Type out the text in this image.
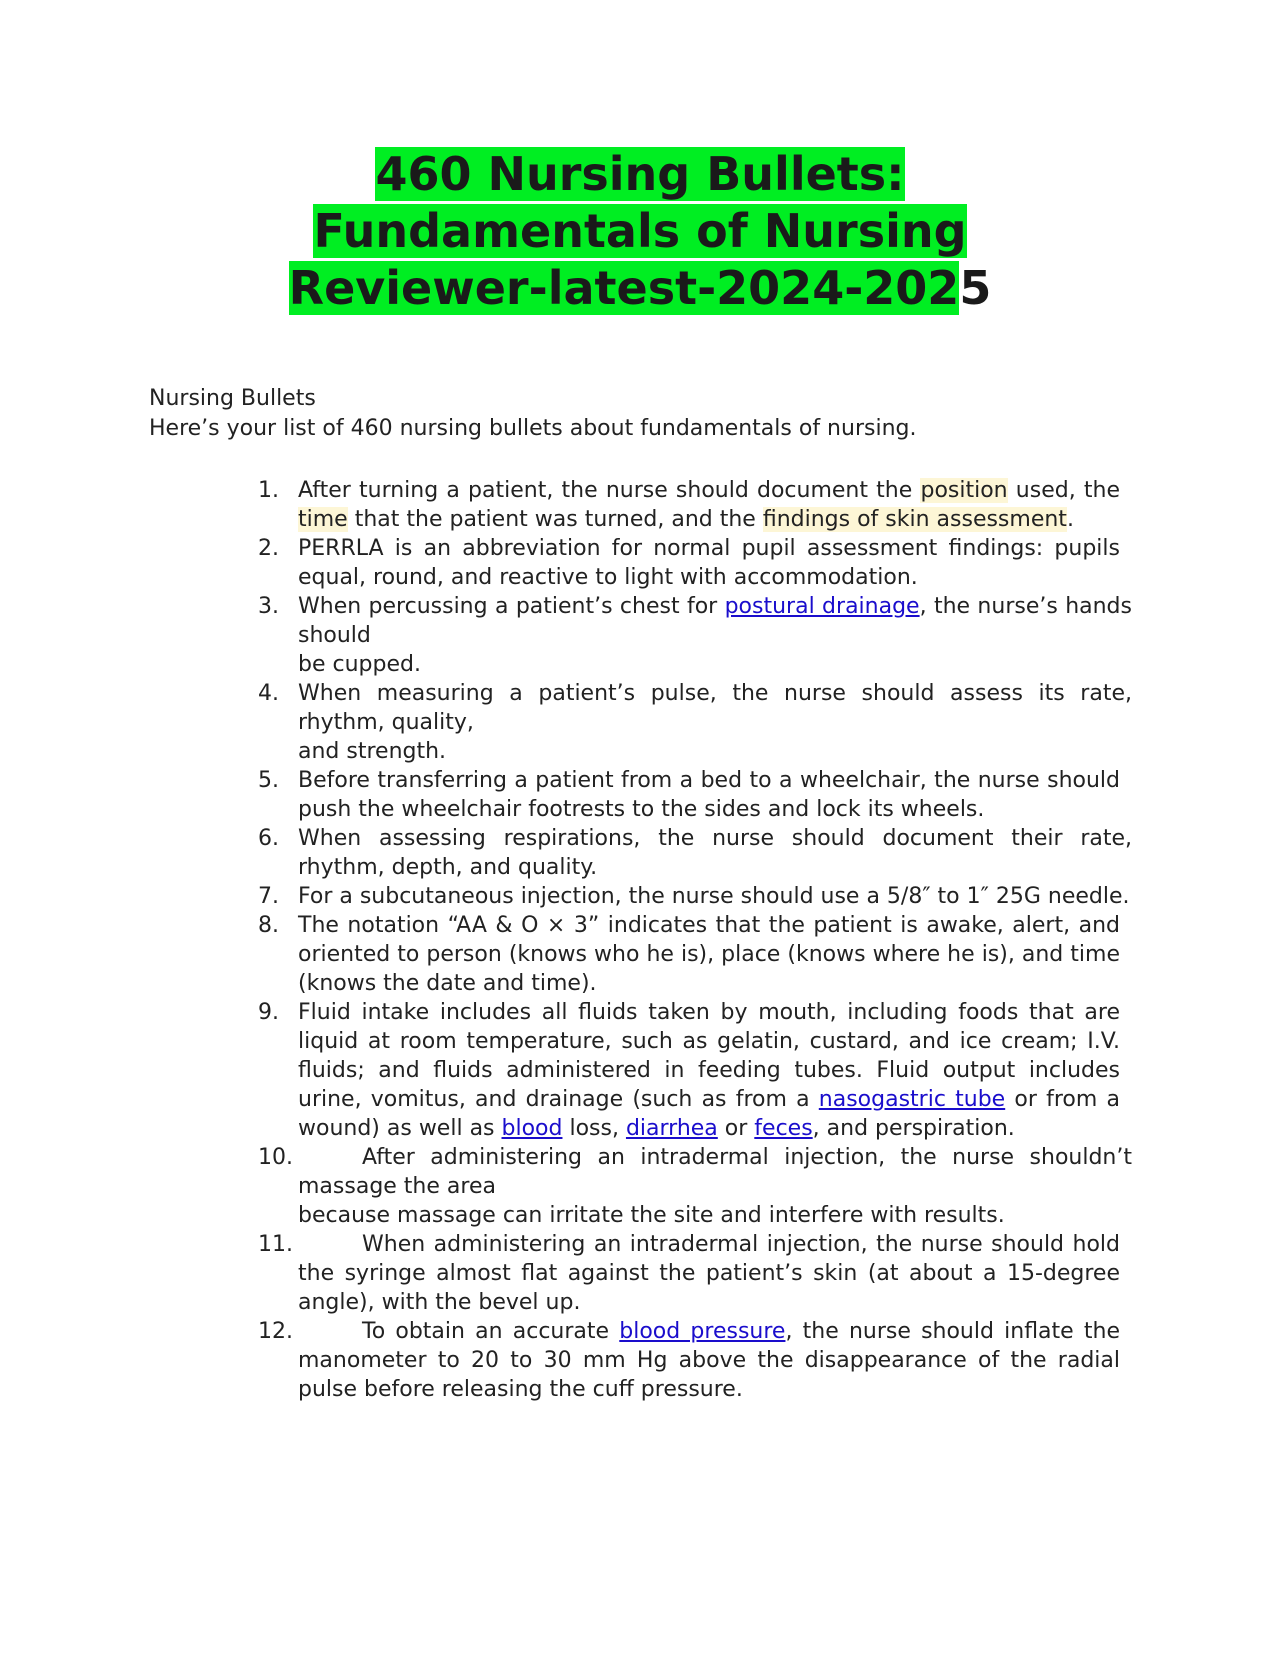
460 Nursing Bullets:
Fundamentals of Nursing
Reviewer-latest-2024-2025
Nursing Bullets
Here’s your list of 460 nursing bullets about fundamentals of nursing.
1. After turning a patient, the nurse should document the position used, the time that the patient was turned, and the findings of skin assessment.
2. PERRLA is an abbreviation for normal pupil assessment findings: pupils equal, round, and reactive to light with accommodation.
3. When percussing a patient’s chest for postural drainage, the nurse’s hands should
be cupped.
4. When measuring a patient’s pulse, the nurse should assess its rate, rhythm, quality,
and strength.
5. Before transferring a patient from a bed to a wheelchair, the nurse should push the wheelchair footrests to the sides and lock its wheels.
6. When assessing respirations, the nurse should document their rate, rhythm, depth, and quality.
7. For a subcutaneous injection, the nurse should use a 5/8″ to 1″ 25G needle.
8. The notation “AA & O × 3” indicates that the patient is awake, alert, and oriented to person (knows who he is), place (knows where he is), and time (knows the date and time).
9. Fluid intake includes all fluids taken by mouth, including foods that are liquid at room temperature, such as gelatin, custard, and ice cream; I.V. fluids; and fluids administered in feeding tubes. Fluid output includes urine, vomitus, and drainage (such as from a nasogastric tube or from a wound) as well as blood loss, diarrhea or feces, and perspiration.
10.	After administering an intradermal injection, the nurse shouldn’t massage the area
because massage can irritate the site and interfere with results.
11.	When administering an intradermal injection, the nurse should hold the syringe almost flat against the patient’s skin (at about a 15-degree angle), with the bevel up.
12.	To obtain an accurate blood pressure, the nurse should inflate the manometer to 20 to 30 mm Hg above the disappearance of the radial pulse before releasing the cuff pressure.
